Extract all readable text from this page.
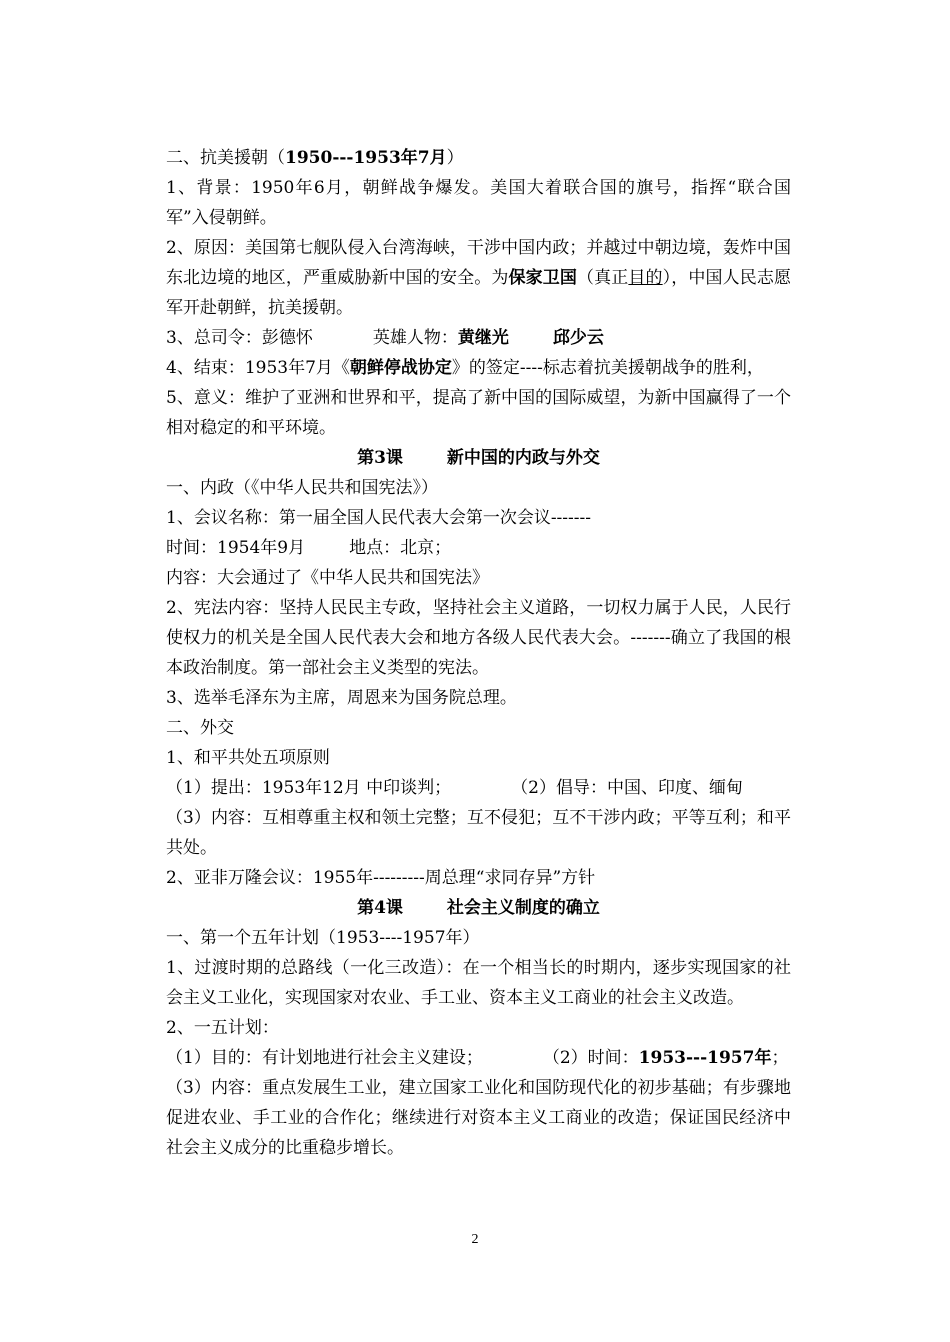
二、抗美援朝（1950---1953年7月）

1、背景：1950年6月，朝鲜战争爆发。美国大着联合国的旗号，指挥“联合国军”入侵朝鲜。

2、原因：美国第七舰队侵入台湾海峡，干涉中国内政；并越过中朝边境，轰炸中国东北边境的地区，严重威胁新中国的安全。为保家卫国（真正目的），中国人民志愿军开赴朝鲜，抗美援朝。

3、总司令：彭德怀	英雄人物：黄继光	邱少云

4、结束：1953年7月《朝鲜停战协定》的签定----标志着抗美援朝战争的胜利，

5、意义：维护了亚洲和世界和平，提高了新中国的国际威望，为新中国赢得了一个相对稳定的和平环境。

第3课	新中国的内政与外交

一、内政（《中华人民共和国宪法》）

1、会议名称：第一届全国人民代表大会第一次会议-------

时间：1954年9月	地点：北京；

内容：大会通过了《中华人民共和国宪法》

2、宪法内容：坚持人民民主专政，坚持社会主义道路，一切权力属于人民，人民行使权力的机关是全国人民代表大会和地方各级人民代表大会。-------确立了我国的根本政治制度。第一部社会主义类型的宪法。

3、选举毛泽东为主席，周恩来为国务院总理。

二、外交

1、和平共处五项原则

（1）提出：1953年12月 中印谈判；	（2）倡导：中国、印度、缅甸

（3）内容：互相尊重主权和领土完整；互不侵犯；互不干涉内政；平等互利；和平共处。

2、亚非万隆会议：1955年---------周总理“求同存异”方针

第4课	社会主义制度的确立

一、第一个五年计划（1953----1957年）

1、过渡时期的总路线（一化三改造）：在一个相当长的时期内，逐步实现国家的社会主义工业化，实现国家对农业、手工业、资本主义工商业的社会主义改造。

2、一五计划：

（1）目的：有计划地进行社会主义建设；	（2）时间：1953---1957年；

（3）内容：重点发展生工业，建立国家工业化和国防现代化的初步基础；有步骤地促进农业、手工业的合作化；继续进行对资本主义工商业的改造；保证国民经济中社会主义成分的比重稳步增长。

2
